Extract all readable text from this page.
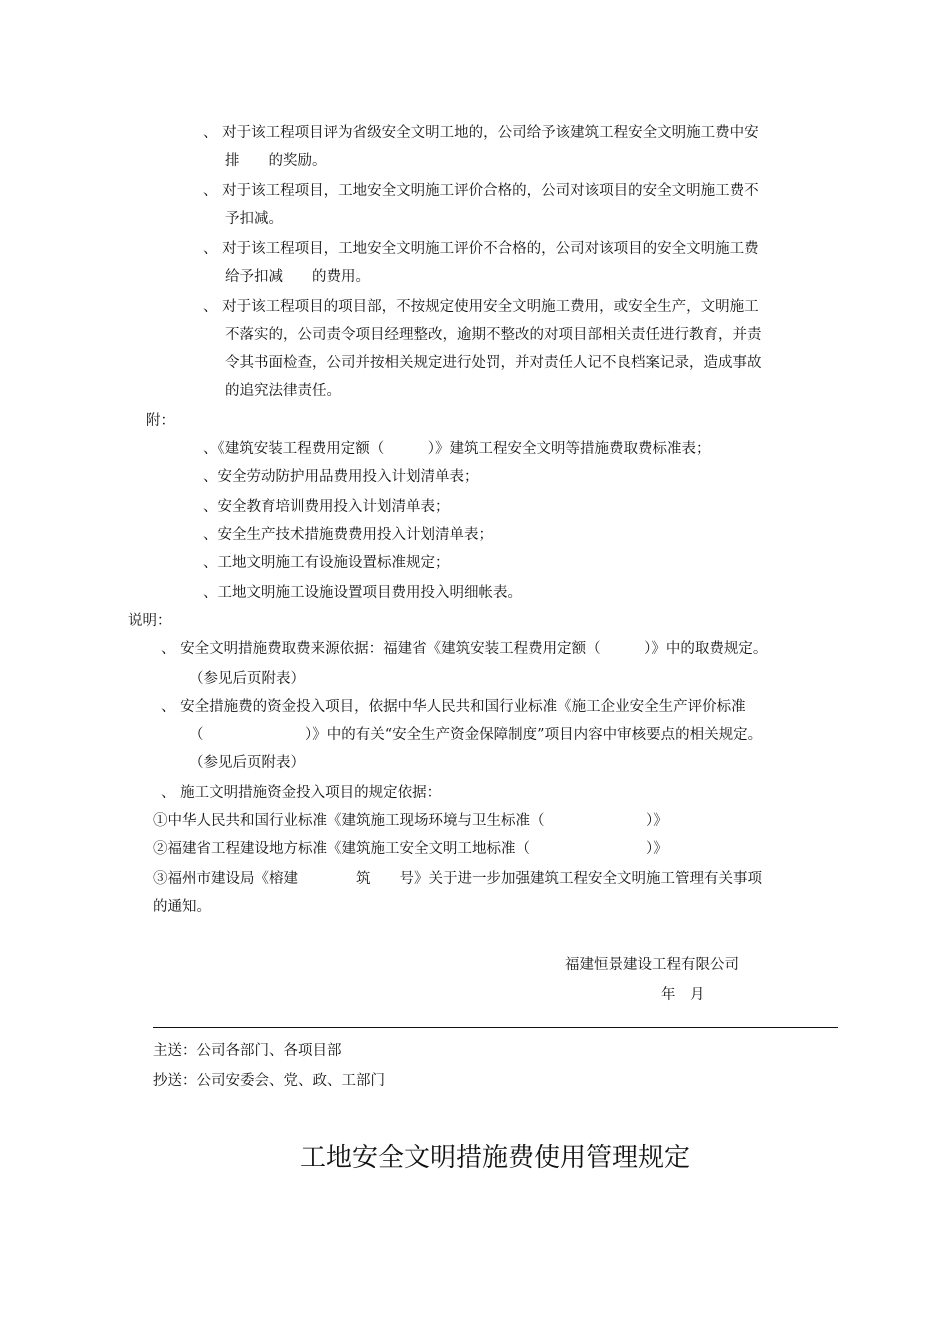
、 对于该工程项目评为省级安全文明工地的，公司给予该建筑工程安全文明施工费中安
排　　的奖励。
、 对于该工程项目，工地安全文明施工评价合格的，公司对该项目的安全文明施工费不
予扣减。
、 对于该工程项目，工地安全文明施工评价不合格的，公司对该项目的安全文明施工费
给予扣减　　的费用。
、 对于该工程项目的项目部，不按规定使用安全文明施工费用，或安全生产，文明施工
不落实的，公司责令项目经理整改，逾期不整改的对项目部相关责任进行教育，并责
令其书面检查，公司并按相关规定进行处罚，并对责任人记不良档案记录，造成事故
的追究法律责任。
附：
、《建筑安装工程费用定额（　　　）》建筑工程安全文明等措施费取费标准表；
、安全劳动防护用品费用投入计划清单表；
、安全教育培训费用投入计划清单表；
、安全生产技术措施费费用投入计划清单表；
、工地文明施工有设施设置标准规定；
、工地文明施工设施设置项目费用投入明细帐表。
说明：
、 安全文明措施费取费来源依据：福建省《建筑安装工程费用定额（　　　）》中的取费规定。
（参见后页附表）
、 安全措施费的资金投入项目，依据中华人民共和国行业标准《施工企业安全生产评价标准
（　　　　　　　）》中的有关“安全生产资金保障制度”项目内容中审核要点的相关规定。
（参见后页附表）
、 施工文明措施资金投入项目的规定依据：
①中华人民共和国行业标准《建筑施工现场环境与卫生标准（　　　　　　　）》
②福建省工程建设地方标准《建筑施工安全文明工地标准（　　　　　　　　）》
③福州市建设局《榕建　　　　筑　　号》关于进一步加强建筑工程安全文明施工管理有关事项
的通知。
福建恒景建设工程有限公司
年　月
主送：公司各部门、各项目部
抄送：公司安委会、党、政、工部门
工地安全文明措施费使用管理规定
